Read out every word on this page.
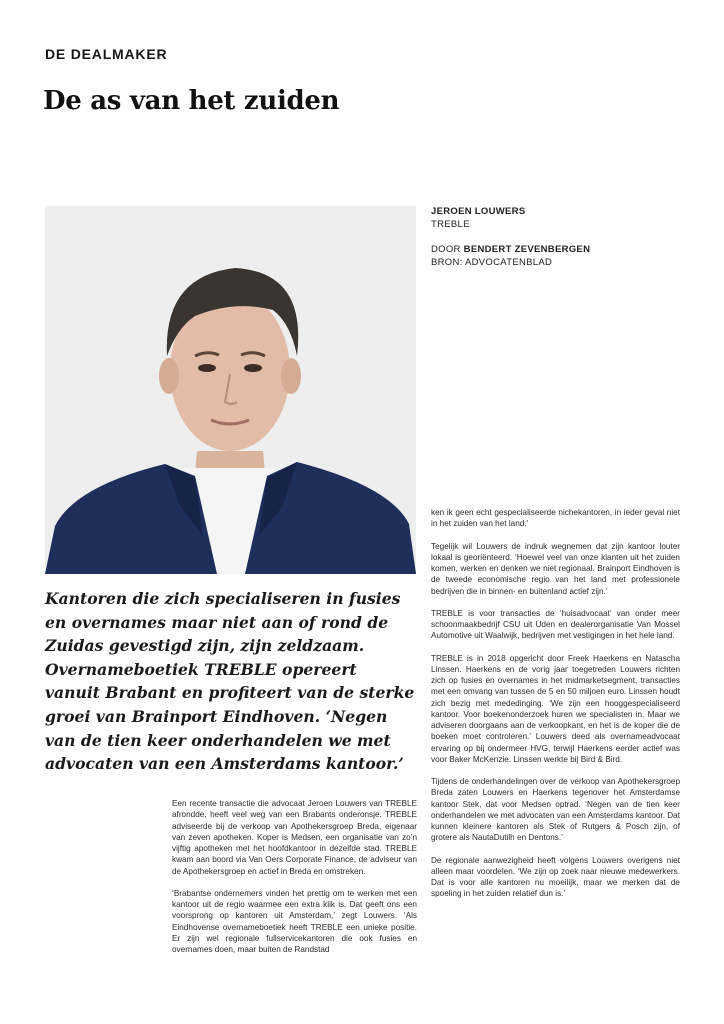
DE DEALMAKER
De as van het zuiden
JEROEN LOUWERS
TREBLE
DOOR BENDERT ZEVENBERGEN
BRON: ADVOCATENBLAD

Kantoren die zich specialiseren in fusies en overnames maar niet aan of rond de Zuidas gevestigd zijn, zijn zeldzaam. Overnameboetiek TREBLE opereert vanuit Brabant en profiteert van de sterke groei van Brainport Eindhoven. ‘Negen van de tien keer onderhandelen we met advocaten van een Amsterdams kantoor.’

Een recente transactie die advocaat Jeroen Louwers van TREBLE afrondde, heeft veel weg van een Brabants onderonsje. TREBLE adviseerde bij de verkoop van Apothekersgroep Breda, eigenaar van zeven apotheken. Koper is Medsen, een organisatie van zo’n vijftig apotheken met het hoofdkantoor in dezelfde stad. TREBLE kwam aan boord via Van Oers Corporate Finance, de adviseur van de Apothekersgroep en actief in Breda en omstreken.

‘Brabantse ondernemers vinden het prettig om te werken met een kantoor uit de regio waarmee een extra klik is. Dat geeft ons een voorsprong op kantoren uit Amsterdam,’ zegt Louwers. ‘Als Eindhovense overnameboetiek heeft TREBLE een unieke positie. Er zijn wel regionale fullservicekantoren die ook fusies en overnames doen, maar buiten de Randstad

ken ik geen echt gespecialiseerde nichekantoren, in ieder geval niet in het zuiden van het land.’

Tegelijk wil Louwers de indruk wegnemen dat zijn kantoor louter lokaal is georiënteerd. ‘Hoewel veel van onze klanten uit het zuiden komen, werken en denken we niet regionaal. Brainport Eindhoven is de tweede economische regio van het land met professionele bedrijven die in binnen- en buitenland actief zijn.’

TREBLE is voor transacties de ‘huisadvocaat’ van onder meer schoonmaakbedrijf CSU uit Uden en dealerorganisatie Van Mossel Automotive uit Waalwijk, bedrijven met vestigingen in het hele land.

TREBLE is in 2018 opgericht door Freek Haerkens en Natascha Linssen. Haerkens en de vorig jaar toegetreden Louwers richten zich op fusies en overnames in het midmarketsegment, transacties met een omvang van tussen de 5 en 50 miljoen euro. Linssen houdt zich bezig met mededinging. ‘We zijn een hooggespecialiseerd kantoor. Voor boekenonderzoek huren we specialisten in. Maar we adviseren doorgaans aan de verkoopkant, en het is de koper die de boeken moet controleren.’ Louwers deed als overnameadvocaat ervaring op bij ondermeer HVG, terwijl Haerkens eerder actief was voor Baker McKenzie. Linssen werkte bij Bird & Bird.

Tijdens de onderhandelingen over de verkoop van Apothekersgroep Breda zaten Louwers en Haerkens tegenover het Amsterdamse kantoor Stek, dat voor Medsen optrad. ‘Negen van de tien keer onderhandelen we met advocaten van een Amsterdams kantoor. Dat kunnen kleinere kantoren als Stek of Rutgers & Posch zijn, of grotere als NautaDutilh en Dentons.’

De regionale aanwezigheid heeft volgens Louwers overigens niet alleen maar voordelen. ‘We zijn op zoek naar nieuwe medewerkers. Dat is voor alle kantoren nu moeilijk, maar we merken dat de spoeling in het zuiden relatief dun is.’
